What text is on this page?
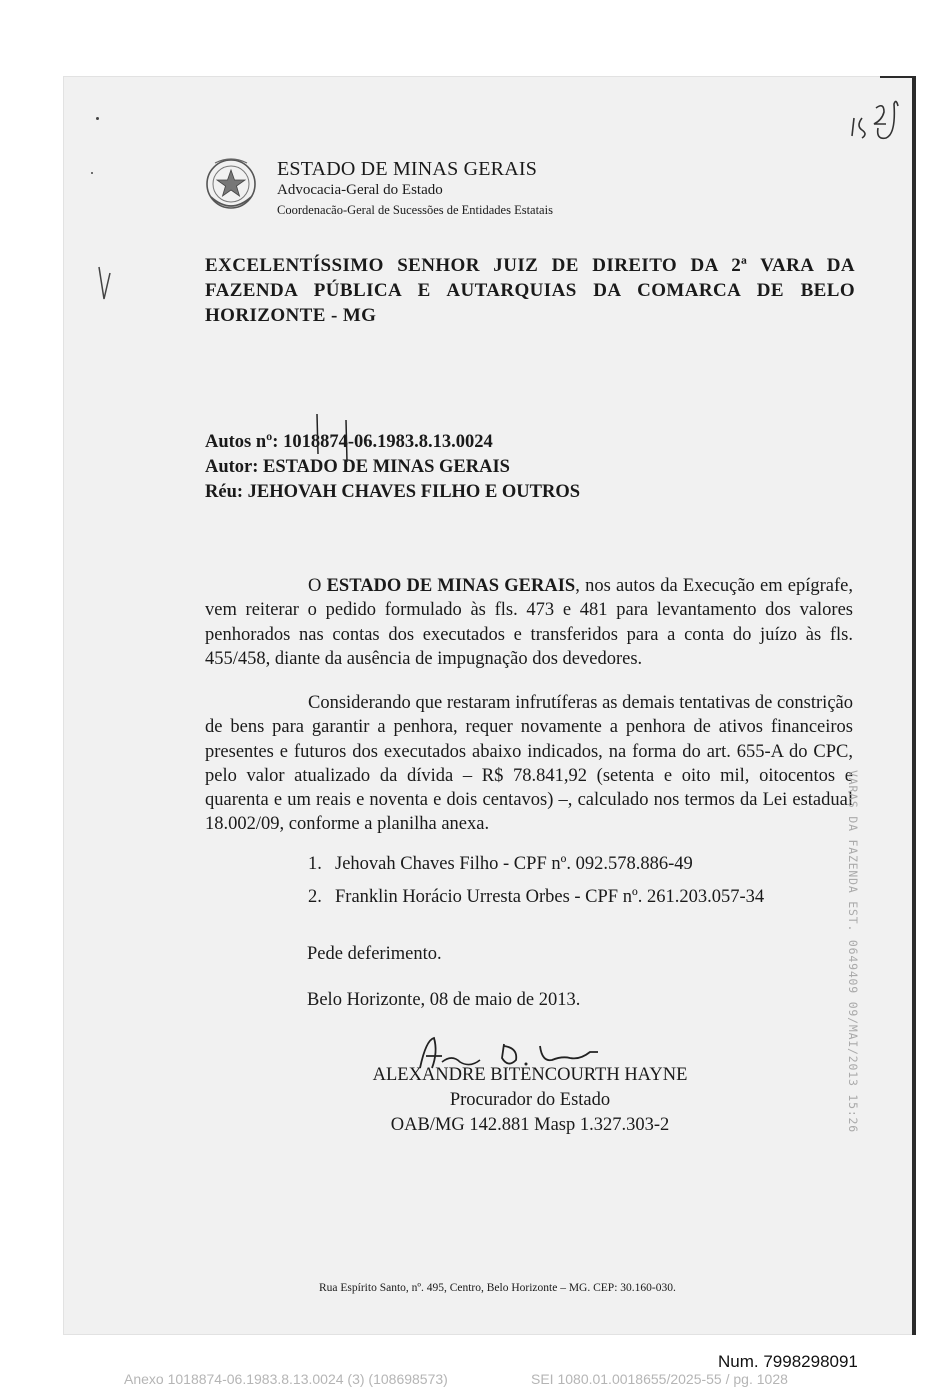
ESTADO DE MINAS GERAIS
Advocacia-Geral do Estado
Coordenacão-Geral de Sucessões de Entidades Estatais
EXCELENTÍSSIMO SENHOR JUIZ DE DIREITO DA 2ª VARA DA FAZENDA PÚBLICA E AUTARQUIAS DA COMARCA DE BELO HORIZONTE - MG
Autos nº: 1018874-06.1983.8.13.0024
Autor: ESTADO DE MINAS GERAIS
Réu: JEHOVAH CHAVES FILHO E OUTROS
O ESTADO DE MINAS GERAIS, nos autos da Execução em epígrafe, vem reiterar o pedido formulado às fls. 473 e 481 para levantamento dos valores penhorados nas contas dos executados e transferidos para a conta do juízo às fls. 455/458, diante da ausência de impugnação dos devedores.
Considerando que restaram infrutíferas as demais tentativas de constrição de bens para garantir a penhora, requer novamente a penhora de ativos financeiros presentes e futuros dos executados abaixo indicados, na forma do art. 655-A do CPC, pelo valor atualizado da dívida – R$ 78.841,92 (setenta e oito mil, oitocentos e quarenta e um reais e noventa e dois centavos) –, calculado nos termos da Lei estadual 18.002/09, conforme a planilha anexa.
1. Jehovah Chaves Filho - CPF nº. 092.578.886-49
2. Franklin Horácio Urresta Orbes - CPF nº. 261.203.057-34
Pede deferimento.
Belo Horizonte, 08 de maio de 2013.
ALEXANDRE BITENCOURTH HAYNE
Procurador do Estado
OAB/MG 142.881 Masp 1.327.303-2
Rua Espírito Santo, nº. 495, Centro, Belo Horizonte – MG. CEP: 30.160-030.
VARAS DA FAZENDA EST. 0649409 09/MAI/2013 15:26
Num. 7998298091
Anexo 1018874-06.1983.8.13.0024 (3) (108698573)	SEI 1080.01.0018655/2025-55 / pg. 1028
